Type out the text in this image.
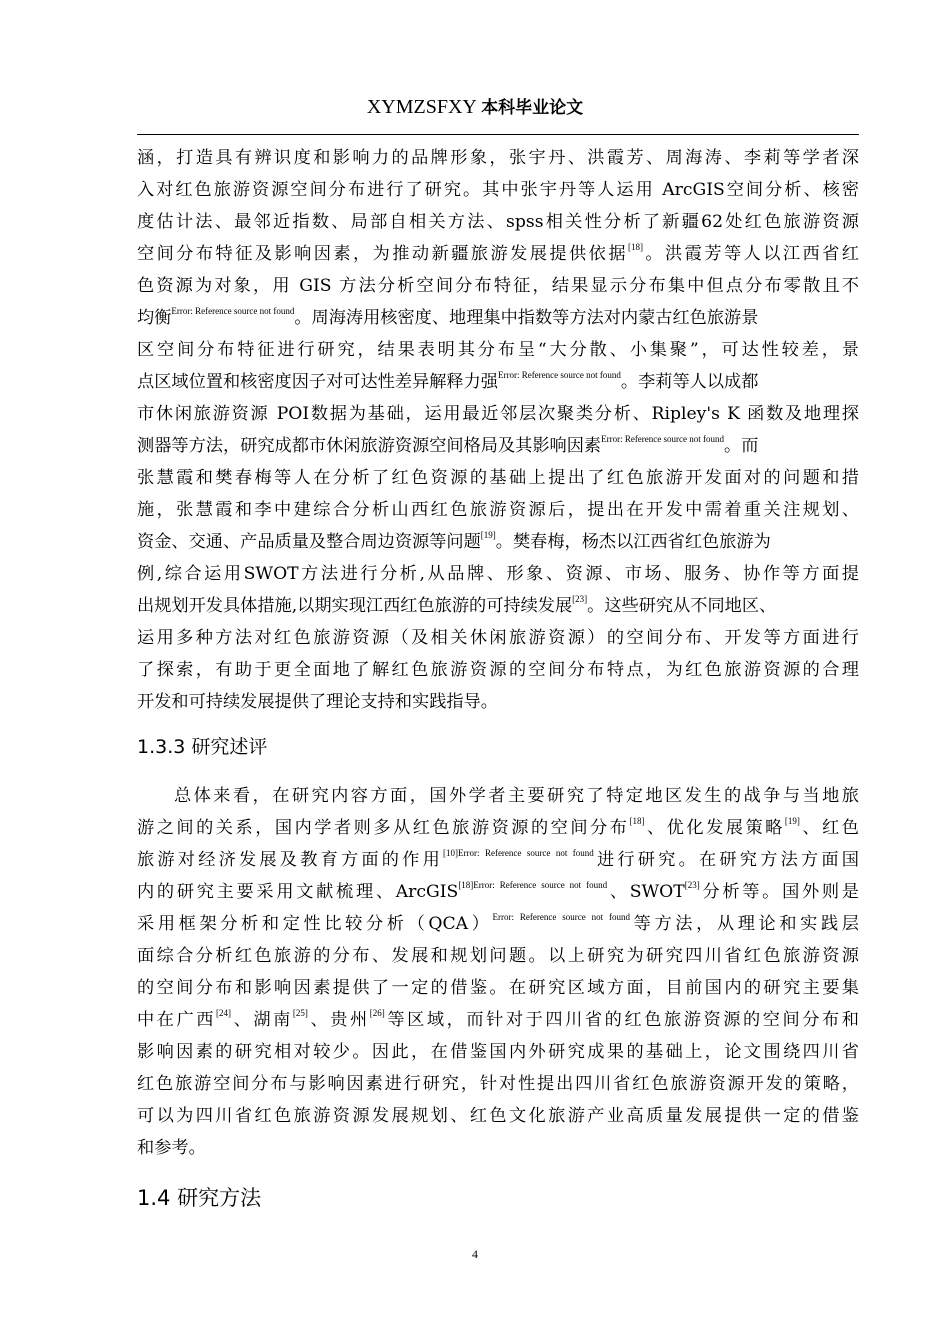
XYMZSFXY 本科毕业论文
涵，打造具有辨识度和影响力的品牌形象，张宇丹、洪霞芳、周海涛、李莉等学者深
入对红色旅游资源空间分布进行了研究。其中张宇丹等人运用 ArcGIS空间分析、核密
度估计法、最邻近指数、局部自相关方法、spss相关性分析了新疆62处红色旅游资源
空间分布特征及影响因素，为推动新疆旅游发展提供依据[18]。洪霞芳等人以江西省红
色资源为对象，用 GIS 方法分析空间分布特征，结果显示分布集中但点分布零散且不
均衡$^{Error: Reference source not found}$。周海涛用核密度、地理集中指数等方法对内蒙古红色旅游景
区空间分布特征进行研究，结果表明其分布呈“大分散、小集聚”，可达性较差，景
点区域位置和核密度因子对可达性差异解释力强$^{Error: Reference source not found}$。李莉等人以成都
市休闲旅游资源 POI数据为基础，运用最近邻层次聚类分析、Ripley's K 函数及地理探
测器等方法，研究成都市休闲旅游资源空间格局及其影响因素$^{Error: Reference source not found}$。而
张慧霞和樊春梅等人在分析了红色资源的基础上提出了红色旅游开发面对的问题和措
施，张慧霞和李中建综合分析山西红色旅游资源后，提出在开发中需着重关注规划、
资金、交通、产品质量及整合周边资源等问题[19]。樊春梅，杨杰以江西省红色旅游为
例,综合运用SWOT方法进行分析,从品牌、形象、资源、市场、服务、协作等方面提
出规划开发具体措施,以期实现江西红色旅游的可持续发展[23]。这些研究从不同地区、
运用多种方法对红色旅游资源（及相关休闲旅游资源）的空间分布、开发等方面进行
了探索，有助于更全面地了解红色旅游资源的空间分布特点，为红色旅游资源的合理
开发和可持续发展提供了理论支持和实践指导。
1.3.3 研究述评
总体来看，在研究内容方面，国外学者主要研究了特定地区发生的战争与当地旅
游之间的关系，国内学者则多从红色旅游资源的空间分布[18]、优化发展策略[19]、红色
旅游对经济发展及教育方面的作用$^{[10]Error: Reference source not found}$进行研究。在研究方法方面国
内的研究主要采用文献梳理、ArcGIS$^{[18]Error: Reference source not found}$、SWOT[23]分析等。国外则是
采用框架分析和定性比较分析（QCA）$^{Error: Reference source not found}$等方法，从理论和实践层
面综合分析红色旅游的分布、发展和规划问题。以上研究为研究四川省红色旅游资源
的空间分布和影响因素提供了一定的借鉴。在研究区域方面，目前国内的研究主要集
中在广西[24]、湖南[25]、贵州[26]等区域，而针对于四川省的红色旅游资源的空间分布和
影响因素的研究相对较少。因此，在借鉴国内外研究成果的基础上，论文围绕四川省
红色旅游空间分布与影响因素进行研究，针对性提出四川省红色旅游资源开发的策略，
可以为四川省红色旅游资源发展规划、红色文化旅游产业高质量发展提供一定的借鉴
和参考。
1.4 研究方法
4
